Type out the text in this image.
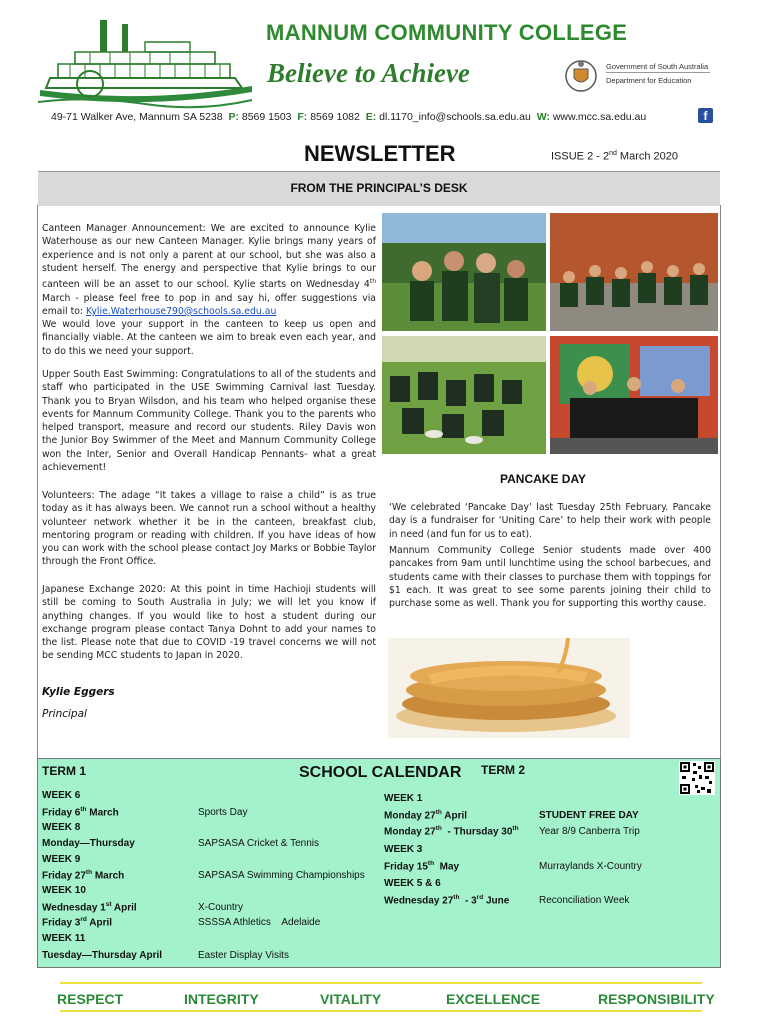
MANNUM COMMUNITY COLLEGE
Believe to Achieve	Government of South Australia
Department for Education
49-71 Walker Ave, Mannum SA 5238 P: 8569 1503 F: 8569 1082 E: dl.1170_info@schools.sa.edu.au W: www.mcc.sa.edu.au	f
NEWSLETTER	ISSUE 2 - 2nd March 2020
FROM THE PRINCIPAL’S DESK
Canteen Manager Announcement: We are excited to announce Kylie Waterhouse as our new Canteen Manager. Kylie brings many years of experience and is not only a parent at our school, but she was also a student herself. The energy and perspective that Kylie brings to our canteen will be an asset to our school. Kylie starts on Wednesday 4th March - please feel free to pop in and say hi, offer suggestions via email to: Kylie.Waterhouse790@schools.sa.edu.au
We would love your support in the canteen to keep us open and financially viable. At the canteen we aim to break even each year, and to do this we need your support.
Upper South East Swimming: Congratulations to all of the students and staff who participated in the USE Swimming Carnival last Tuesday. Thank you to Bryan Wilsdon, and his team who helped organise these events for Mannum Community College. Thank you to the parents who helped transport, measure and record our students. Riley Davis won the Junior Boy Swimmer of the Meet and Mannum Community College won the Inter, Senior and Overall Handicap Pennants- what a great achievement!
Volunteers: The adage “It takes a village to raise a child” is as true today as it has always been. We cannot run a school without a healthy volunteer network whether it be in the canteen, breakfast club, mentoring program or reading with children. If you have ideas of how you can work with the school please contact Joy Marks or Bobbie Taylor through the Front Office.
Japanese Exchange 2020: At this point in time Hachioji students will still be coming to South Australia in July; we will let you know if anything changes. If you would like to host a student during our exchange program please contact Tanya Dohnt to add your names to the list. Please note that due to COVID -19 travel concerns we will not be sending MCC students to Japan in 2020.
Kylie Eggers
Principal
PANCAKE DAY
‘We celebrated ‘Pancake Day’ last Tuesday 25th February. Pancake day is a fundraiser for ‘Uniting Care’ to help their work with people in need (and fun for us to eat).
Mannum Community College Senior students made over 400 pancakes from 9am until lunchtime using the school barbecues, and students came with their classes to purchase them with toppings for $1 each. It was great to see some parents joining their child to purchase some as well. Thank you for supporting this worthy cause.
TERM 1	SCHOOL CALENDAR TERM 2
WEEK 6
Friday 6th March	Sports Day
WEEK 8
Monday—Thursday	SAPSASA Cricket & Tennis
WEEK 9
Friday 27th March	SAPSASA Swimming Championships
WEEK 10
Wednesday 1st April	X-Country
Friday 3rd April	SSSSA Athletics    Adelaide
WEEK 11
Tuesday—Thursday April	Easter Display Visits
WEEK 1
Monday 27th April	STUDENT FREE DAY
Monday 27th  - Thursday 30th Year 8/9 Canberra Trip
WEEK 3
Friday 15th  May	Murraylands X-Country
WEEK 5 & 6
Wednesday 27th  - 3rd June	Reconciliation Week
RESPECT	INTEGRITY	VITALITY	EXCELLENCE	RESPONSIBILITY
